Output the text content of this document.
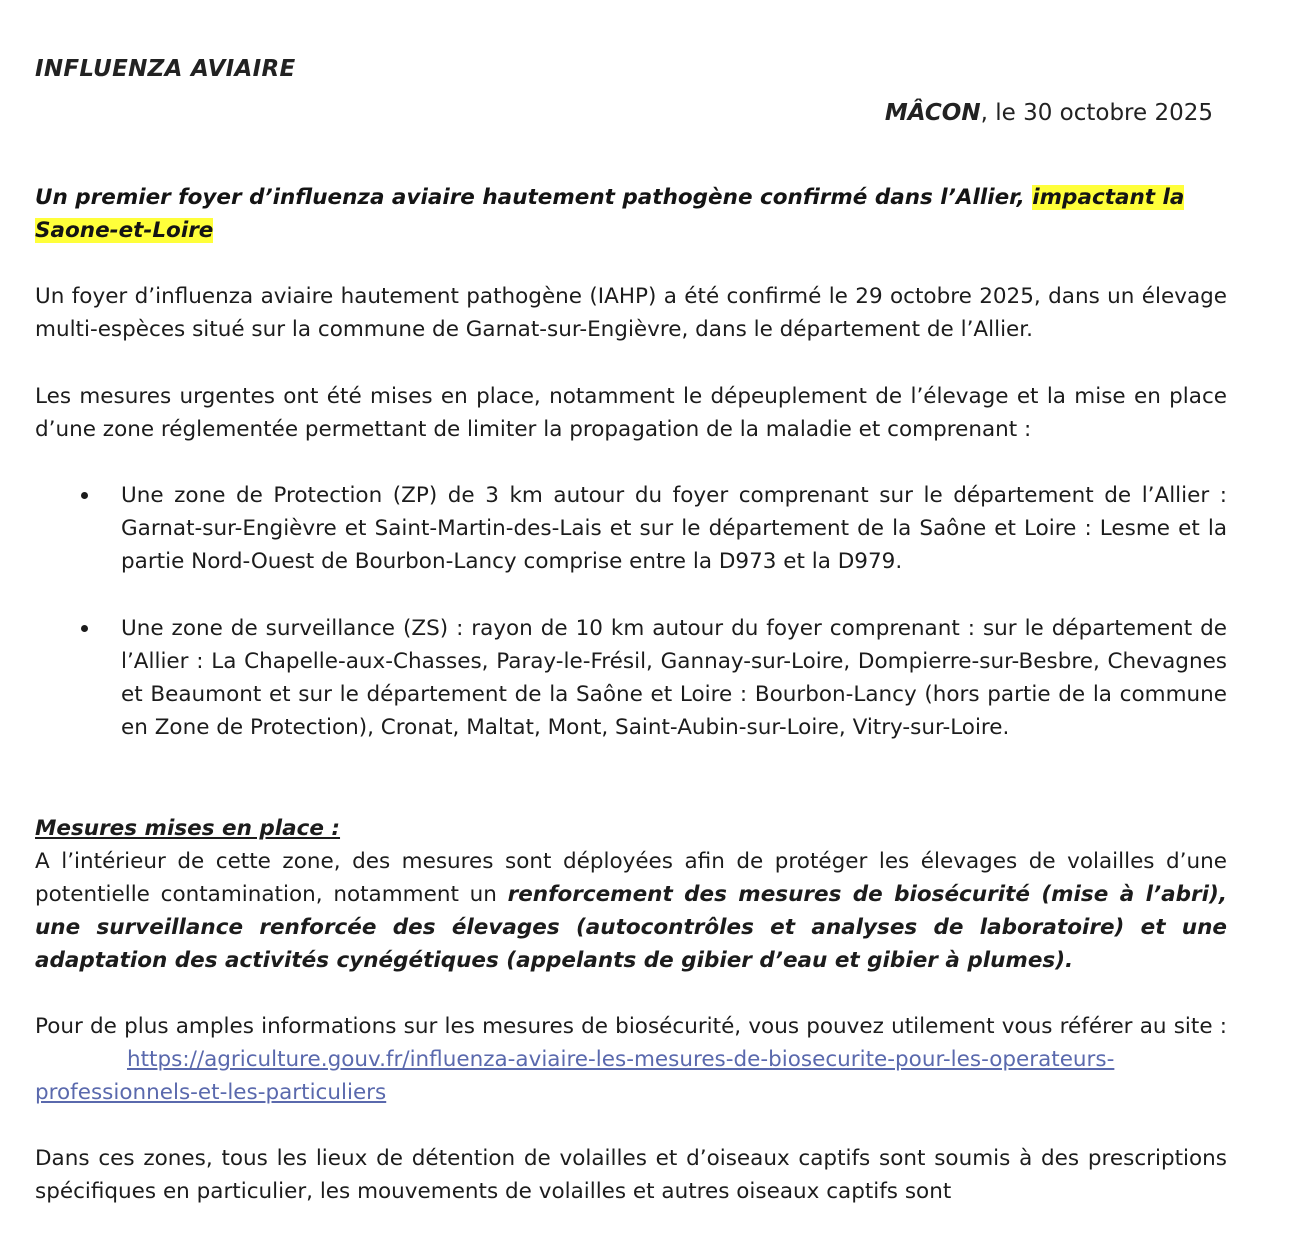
INFLUENZA AVIAIRE
MÂCON, le 30 octobre 2025
Un premier foyer d’influenza aviaire hautement pathogène confirmé dans l’Allier, impactant la Saone-et-Loire

Un foyer d’influenza aviaire hautement pathogène (IAHP) a été confirmé le 29 octobre 2025, dans un élevage multi-espèces situé sur la commune de Garnat-sur-Engièvre, dans le département de l’Allier.

Les mesures urgentes ont été mises en place, notamment le dépeuplement de l’élevage et la mise en place d’une zone réglementée permettant de limiter la propagation de la maladie et comprenant :

Une zone de Protection (ZP) de 3 km autour du foyer comprenant sur le département de l’Allier : Garnat-sur-Engièvre et Saint-Martin-des-Lais et sur le département de la Saône et Loire : Lesme et la partie Nord-Ouest de Bourbon-Lancy comprise entre la D973 et la D979.
Une zone de surveillance (ZS) : rayon de 10 km autour du foyer comprenant : sur le département de l’Allier : La Chapelle-aux-Chasses, Paray-le-Frésil, Gannay-sur-Loire, Dompierre-sur-Besbre, Chevagnes et Beaumont et sur le département de la Saône et Loire : Bourbon-Lancy (hors partie de la commune en Zone de Protection), Cronat, Maltat, Mont, Saint-Aubin-sur-Loire, Vitry-sur-Loire.
Mesures mises en place :

A l’intérieur de cette zone, des mesures sont déployées afin de protéger les élevages de volailles d’une potentielle contamination, notamment un renforcement des mesures de biosécurité (mise à l’abri), une surveillance renforcée des élevages (autocontrôles et analyses de laboratoire) et une adaptation des activités cynégétiques (appelants de gibier d’eau et gibier à plumes).

Pour de plus amples informations sur les mesures de biosécurité, vous pouvez utilement vous référer au site :https://agriculture.gouv.fr/influenza-aviaire-les-mesures-de-biosecurite-pour-les-operateurs-professionnels-et-les-particuliers

Dans ces zones, tous les lieux de détention de volailles et d’oiseaux captifs sont soumis à des prescriptions spécifiques en particulier, les mouvements de volailles et autres oiseaux captifs sont
